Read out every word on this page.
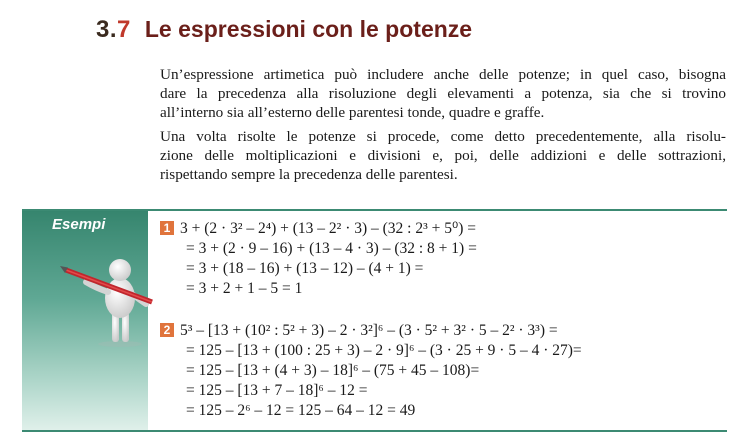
3.7 Le espressioni con le potenze
Un’espressione artimetica può includere anche delle potenze; in quel caso, bisogna
dare la precedenza alla risoluzione degli elevamenti a potenza, sia che si trovino
all’interno sia all’esterno delle parentesi tonde, quadre e graffe.
Una volta risolte le potenze si procede, come detto precedentemente, alla risolu-
zione delle moltiplicazioni e divisioni e, poi, delle addizioni e delle sottrazioni,
rispettando sempre la precedenza delle parentesi.
Esempi	1 3 + (2 · 3² – 2⁴) + (13 – 2² · 3) – (32 : 2³ + 5⁰) =
= 3 + (2 · 9 – 16) + (13 – 4 · 3) – (32 : 8 + 1) =
= 3 + (18 – 16) + (13 – 12) – (4 + 1) =
= 3 + 2 + 1 – 5 = 1
2 5³ – [13 + (10² : 5² + 3) – 2 · 3²]⁶ – (3 · 5² + 3² · 5 – 2² · 3³) =
= 125 – [13 + (100 : 25 + 3) – 2 · 9]⁶ – (3 · 25 + 9 · 5 – 4 · 27)=
= 125 – [13 + (4 + 3) – 18]⁶ – (75 + 45 – 108)=
= 125 – [13 + 7 – 18]⁶ – 12 =
= 125 – 2⁶ – 12 = 125 – 64 – 12 = 49
